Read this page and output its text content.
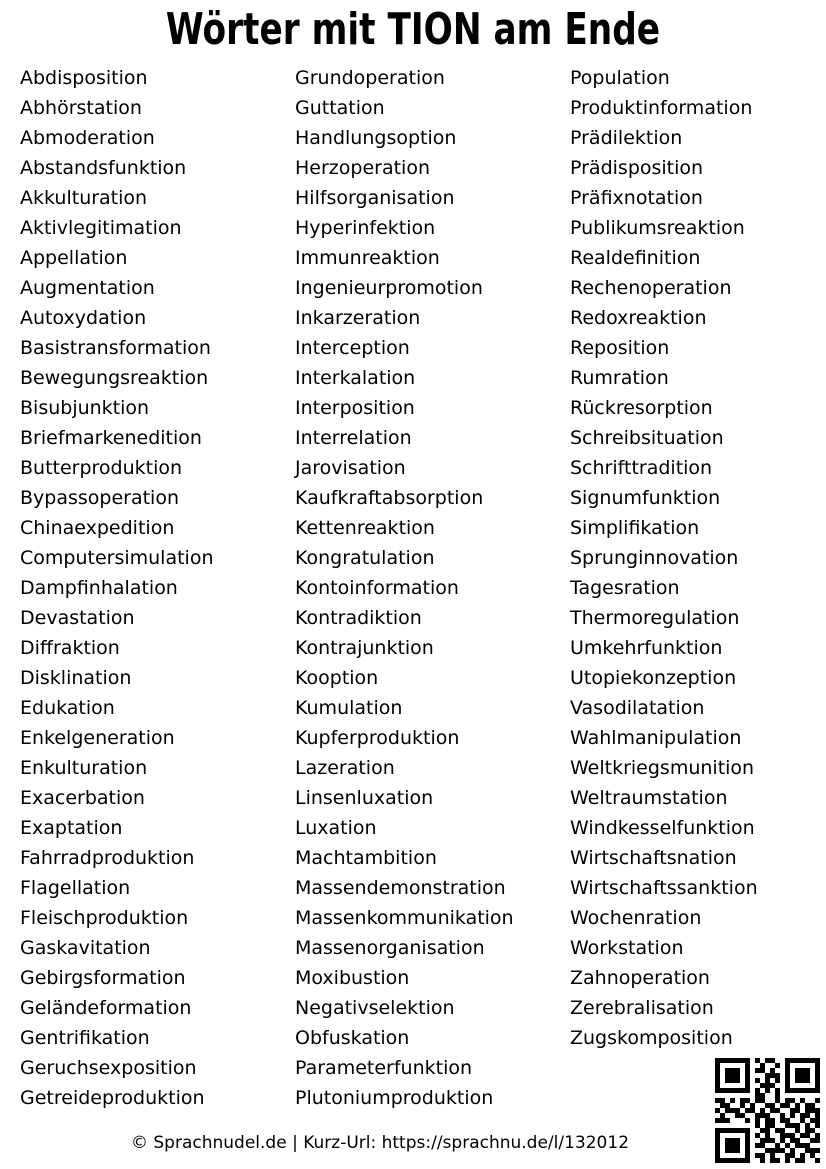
Wörter mit TION am Ende
Abdisposition
Abhörstation
Abmoderation
Abstandsfunktion
Akkulturation
Aktivlegitimation
Appellation
Augmentation
Autoxydation
Basistransformation
Bewegungsreaktion
Bisubjunktion
Briefmarkenedition
Butterproduktion
Bypassoperation
Chinaexpedition
Computersimulation
Dampfinhalation
Devastation
Diffraktion
Disklination
Edukation
Enkelgeneration
Enkulturation
Exacerbation
Exaptation
Fahrradproduktion
Flagellation
Fleischproduktion
Gaskavitation
Gebirgsformation
Geländeformation
Gentrifikation
Geruchsexposition
Getreideproduktion
Grundoperation
Guttation
Handlungsoption
Herzoperation
Hilfsorganisation
Hyperinfektion
Immunreaktion
Ingenieurpromotion
Inkarzeration
Interception
Interkalation
Interposition
Interrelation
Jarovisation
Kaufkraftabsorption
Kettenreaktion
Kongratulation
Kontoinformation
Kontradiktion
Kontrajunktion
Kooption
Kumulation
Kupferproduktion
Lazeration
Linsenluxation
Luxation
Machtambition
Massendemonstration
Massenkommunikation
Massenorganisation
Moxibustion
Negativselektion
Obfuskation
Parameterfunktion
Plutoniumproduktion
Population
Produktinformation
Prädilektion
Prädisposition
Präfixnotation
Publikumsreaktion
Realdefinition
Rechenoperation
Redoxreaktion
Reposition
Rumration
Rückresorption
Schreibsituation
Schrifttradition
Signumfunktion
Simplifikation
Sprunginnovation
Tagesration
Thermoregulation
Umkehrfunktion
Utopiekonzeption
Vasodilatation
Wahlmanipulation
Weltkriegsmunition
Weltraumstation
Windkesselfunktion
Wirtschaftsnation
Wirtschaftssanktion
Wochenration
Workstation
Zahnoperation
Zerebralisation
Zugskomposition
© Sprachnudel.de | Kurz-Url: https://sprachnu.de/l/132012
